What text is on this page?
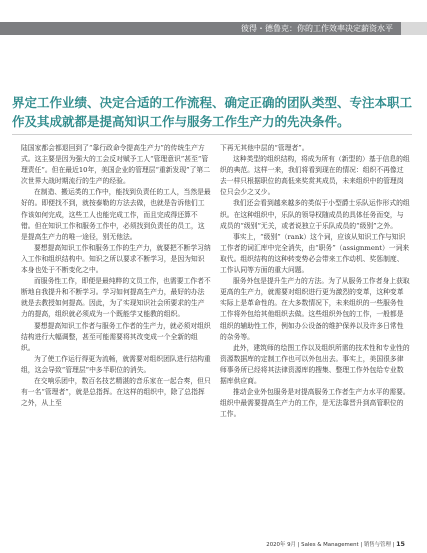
彼得・德鲁克：你的工作效率决定薪资水平
界定工作业绩、决定合适的工作流程、确定正确的团队类型、专注本职工作及其成就都是提高知识工作与服务工作生产力的先决条件。

陆国家都会都退回到了“靠行政命令提高生产力”的传统生产方式。这主要是因为强大的工会反对赋予工人“管理意识”甚至“管理责任”。但在最近10年，美国企业的管理层“重新发现”了第二次世界大战时期流行的生产的经验。

在制造、搬运类的工作中，能找到负责任的工人，当然是最好的。即便找不到，就按泰勒的方法去做，也就是告诉他们工作该如何完成，这些工人也能完成工作，而且完成得还算不错。但在知识工作和服务工作中，必须找到负责任的员工，这是提高生产力的唯一途径，别无他法。

要想提高知识工作和服务工作的生产力，就要把不断学习纳入工作和组织结构中。知识之所以要求不断学习，是因为知识本身也处于不断变化之中。

而服务性工作，即便是最纯粹的文员工作，也需要工作者不断地自我提升和不断学习。学习如何提高生产力，最好的办法就是去教授如何提高。因此，为了实现知识社会所要求的生产力的提高，组织就必须成为一个既能学又能教的组织。

要想提高知识工作者与服务工作者的生产力，就必须对组织结构进行大幅调整，甚至可能需要将其改变成一个全新的组织。

为了使工作运行得更为流畅，就需要对组织团队进行结构重组，这会导致“管理层”中多半职位的消失。

在交响乐团中，数百名技艺精湛的音乐家在一起合奏，但只有一名“管理者”，就是总指挥。在这样的组织中，除了总指挥之外，从上至

下再无其他中层的“管理者”。

这种类型的组织结构，将成为所有（新型的）基于信息的组织的典范。这样一来，我们将看到现在的情况：组织不再像过去一样只根据职位的高低来奖赏其成员，未来组织中的管理岗位只会少之又少。

我们还会看到越来越多的类似于小型爵士乐队运作形式的组织。在这种组织中，乐队的领导权随成员的具体任务而变，与成员的“级别”无关，或者说独立于乐队成员的“级别”之外。

事实上，“级别”（rank）这个词，应该从知识工作与知识工作者的词汇库中完全消失，由“职务”（assignment）一词来取代。组织结构的这种转变势必会带来工作动机、奖惩制度、工作认同等方面的重大问题。

服务外包是提升生产力的方法。为了从服务工作者身上获取更高的生产力，就需要对组织进行更为激烈的变革，这种变革实际上是革命性的。在大多数情况下，未来组织的一些服务性工作将外包给其他组织去做。这些组织外包的工作，一般都是组织的辅助性工作，例如办公设备的维护保养以及许多日常性的杂务等。

此外，建筑师的绘图工作以及组织所需的技术性和专业性的资源数据库的定制工作也可以外包出去。事实上，美国很多律师事务所已经将其法律资源库的搜集、整理工作外包给专业数据库供应商。

推动企业外包服务是对提高服务工作者生产力水平的需要。组织中最需要提高生产力的工作，是无法靠晋升到高管职位的工作。

2020年 9月 | Sales & Management | 销售与管理 | 15
